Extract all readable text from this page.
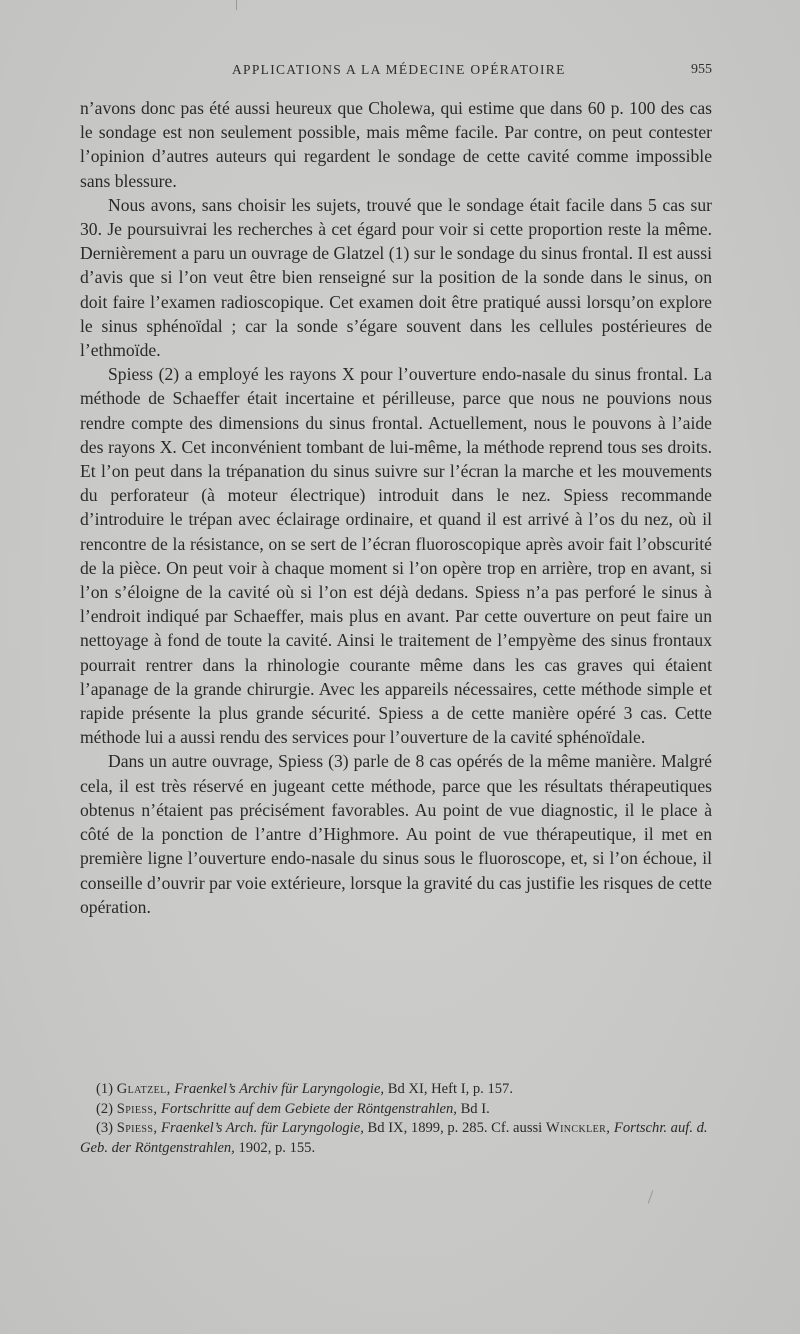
APPLICATIONS A LA MÉDECINE OPÉRATOIRE	955

n’avons donc pas été aussi heureux que Cholewa, qui estime que dans 60 p. 100 des cas le sondage est non seulement possible, mais même facile. Par contre, on peut contester l’opinion d’autres auteurs qui regardent le sondage de cette cavité comme impossible sans blessure.

Nous avons, sans choisir les sujets, trouvé que le sondage était facile dans 5 cas sur 30. Je poursuivrai les recherches à cet égard pour voir si cette proportion reste la même. Dernièrement a paru un ouvrage de Glatzel (1) sur le sondage du sinus frontal. Il est aussi d’avis que si l’on veut être bien renseigné sur la position de la sonde dans le sinus, on doit faire l’examen radioscopique. Cet examen doit être pratiqué aussi lorsqu’on explore le sinus sphénoïdal ; car la sonde s’égare souvent dans les cellules postérieures de l’ethmoïde.

Spiess (2) a employé les rayons X pour l’ouverture endo-nasale du sinus frontal. La méthode de Schaeffer était incertaine et périlleuse, parce que nous ne pouvions nous rendre compte des dimensions du sinus frontal. Actuellement, nous le pouvons à l’aide des rayons X. Cet inconvénient tombant de lui-même, la méthode reprend tous ses droits. Et l’on peut dans la trépanation du sinus suivre sur l’écran la marche et les mouvements du perforateur (à moteur électrique) introduit dans le nez. Spiess recommande d’introduire le trépan avec éclairage ordinaire, et quand il est arrivé à l’os du nez, où il rencontre de la résistance, on se sert de l’écran fluoroscopique après avoir fait l’obscurité de la pièce. On peut voir à chaque moment si l’on opère trop en arrière, trop en avant, si l’on s’éloigne de la cavité où si l’on est déjà dedans. Spiess n’a pas perforé le sinus à l’endroit indiqué par Schaeffer, mais plus en avant. Par cette ouverture on peut faire un nettoyage à fond de toute la cavité. Ainsi le traitement de l’empyème des sinus frontaux pourrait rentrer dans la rhinologie courante même dans les cas graves qui étaient l’apanage de la grande chirurgie. Avec les appareils nécessaires, cette méthode simple et rapide présente la plus grande sécurité. Spiess a de cette manière opéré 3 cas. Cette méthode lui a aussi rendu des services pour l’ouverture de la cavité sphénoïdale.

Dans un autre ouvrage, Spiess (3) parle de 8 cas opérés de la même manière. Malgré cela, il est très réservé en jugeant cette méthode, parce que les résultats thérapeutiques obtenus n’étaient pas précisément favorables. Au point de vue diagnostic, il le place à côté de la ponction de l’antre d’Highmore. Au point de vue thérapeutique, il met en première ligne l’ouverture endo-nasale du sinus sous le fluoroscope, et, si l’on échoue, il conseille d’ouvrir par voie extérieure, lorsque la gravité du cas justifie les risques de cette opération.

(1) Glatzel, Fraenkel’s Archiv für Laryngologie, Bd XI, Heft I, p. 157.
(2) Spiess, Fortschritte auf dem Gebiete der Röntgenstrahlen, Bd I.
(3) Spiess, Fraenkel’s Arch. für Laryngologie, Bd IX, 1899, p. 285. Cf. aussi Winckler, Fortschr. auf. d. Geb. der Röntgenstrahlen, 1902, p. 155.
